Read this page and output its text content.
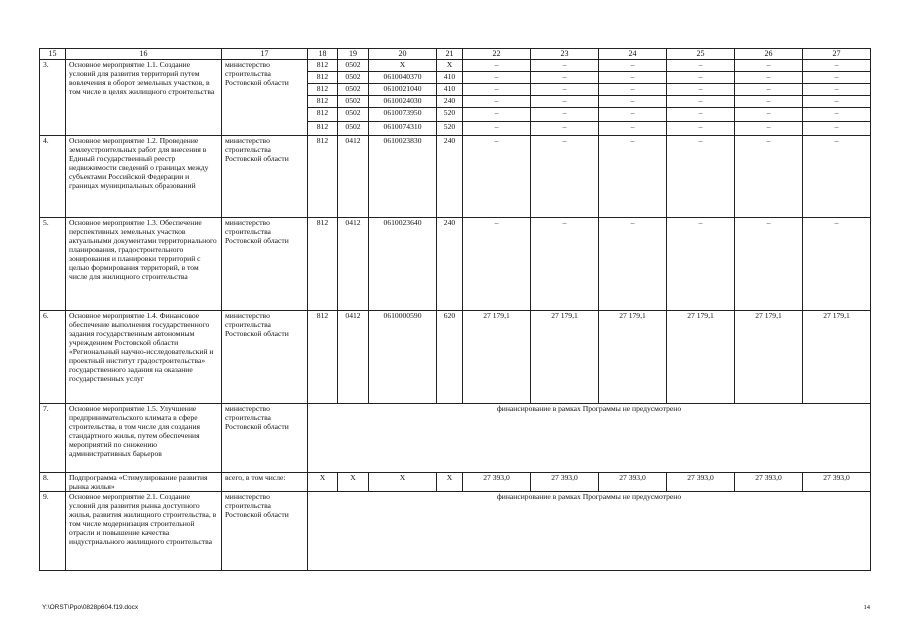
15	16	17	18	19	20	21	22	23	24	25	26	27
3.	Основное мероприятие 1.1. Создание условий для развития территорий путем вовлечения в оборот земельных участков, в том числе в целях жилищного строительства	министерство строительства Ростовской области	812	0502	Х	Х	–	–	–	–	–	–
			812	0502	0610040370	410	–	–	–	–	–	–
			812	0502	0610021040	410	–	–	–	–	–	–
			812	0502	0610024030	240	–	–	–	–	–	–
			812	0502	0610073950	520	–	–	–	–	–	–
			812	0502	0610074310	520	–	–	–	–	–	–
4.	Основное мероприятие 1.2. Проведение землеустроительных работ для внесения в Единый государственный реестр недвижимости сведений о границах между субъектами Российской Федерации и границах муниципальных образований	министерство строительства Ростовской области	812	0412	0610023830	240	–	–	–	–	–	–
5.	Основное мероприятие 1.3. Обеспечение перспективных земельных участков актуальными документами территориального планирования, градостроительного зонирования и планировки территорий с целью формирования территорий, в том числе для жилищного строительства	министерство строительства Ростовской области	812	0412	0610023640	240	–	–	–	–	–	–
6.	Основное мероприятие 1.4. Финансовое обеспечение выполнения государственного задания государственным автономным учреждением Ростовской области «Региональный научно-исследовательский и проектный институт градостроительства» государственного задания на оказание государственных услуг	министерство строительства Ростовской области	812	0412	0610000590	620	27 179,1	27 179,1	27 179,1	27 179,1	27 179,1	27 179,1
7.	Основное мероприятие 1.5. Улучшение предпринимательского климата в сфере строительства, в том числе для создания стандартного жилья, путем обеспечения мероприятий по снижению административных барьеров	министерство строительства Ростовской области	финансирование в рамках Программы не предусмотрено									
8.	Подпрограмма «Стимулирование развития рынка жилья»	всего, в том числе:	Х	Х	Х	Х	27 393,0	27 393,0	27 393,0	27 393,0	27 393,0	27 393,0
9.	Основное мероприятие 2.1. Создание условий для развития рынка доступного жилья, развития жилищного строительства, в том числе модернизация строительной отрасли и повышение качества индустриального жилищного строительства	министерство строительства Ростовской области	финансирование в рамках Программы не предусмотрено									
Y:\ORST\Ppo\0828p604.f19.docx	14
